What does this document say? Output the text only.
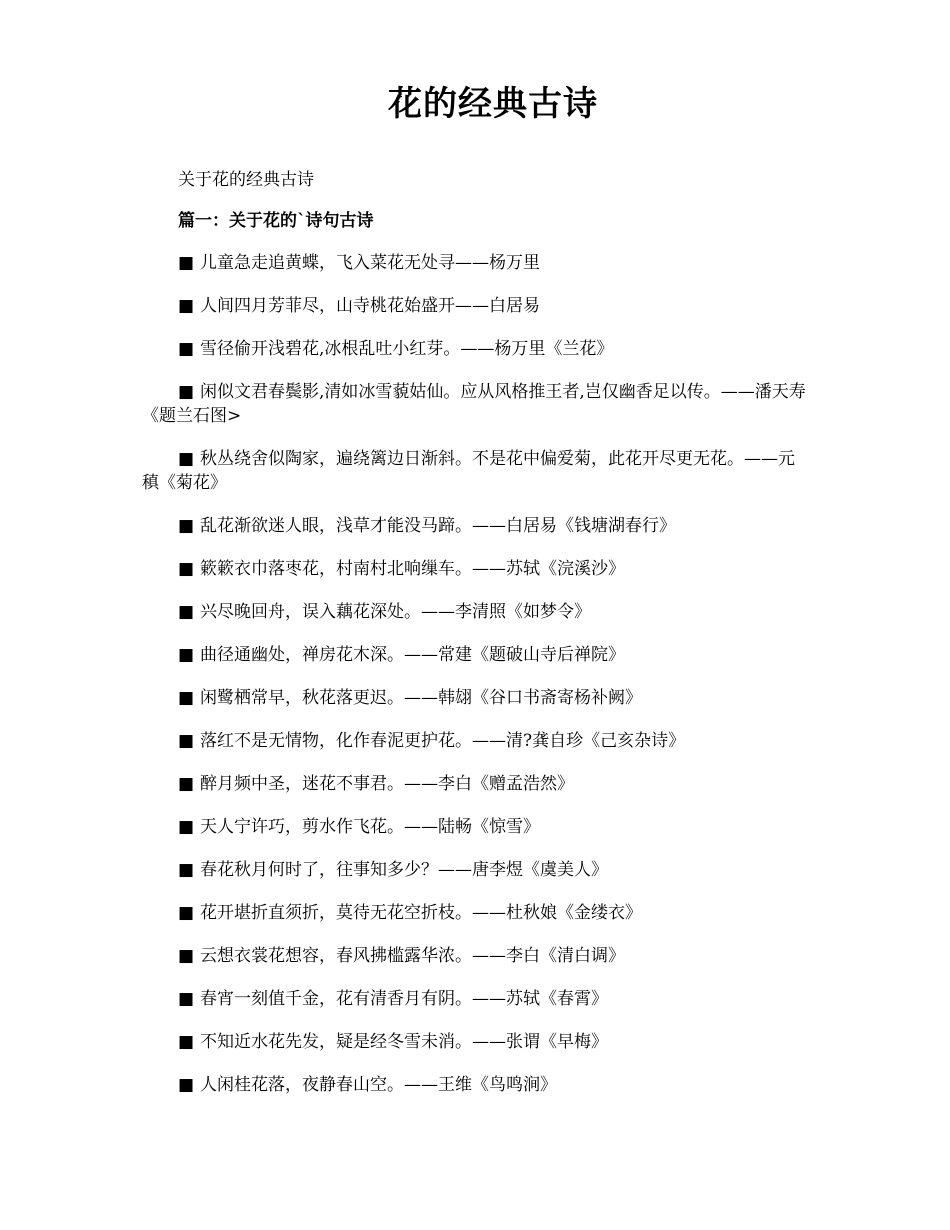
花的经典古诗

关于花的经典古诗

篇一：关于花的`诗句古诗

■ 儿童急走追黄蝶，飞入菜花无处寻——杨万里

■ 人间四月芳菲尽，山寺桃花始盛开——白居易

■ 雪径偷开浅碧花,冰根乱吐小红芽。——杨万里《兰花》

■ 闲似文君春鬓影,清如冰雪藐姑仙。应从风格推王者,岂仅幽香足以传。——潘天寿《题兰石图>

■ 秋丛绕舍似陶家，遍绕篱边日渐斜。不是花中偏爱菊，此花开尽更无花。——元稹《菊花》

■ 乱花渐欲迷人眼，浅草才能没马蹄。——白居易《钱塘湖春行》

■ 簌簌衣巾落枣花，村南村北响缫车。——苏轼《浣溪沙》

■ 兴尽晚回舟，误入藕花深处。——李清照《如梦令》

■ 曲径通幽处，禅房花木深。——常建《题破山寺后禅院》

■ 闲鹭栖常早，秋花落更迟。——韩翃《谷口书斋寄杨补阙》

■ 落红不是无情物，化作春泥更护花。——清?龚自珍《己亥杂诗》

■ 醉月频中圣，迷花不事君。——李白《赠孟浩然》

■ 天人宁许巧，剪水作飞花。——陆畅《惊雪》

■ 春花秋月何时了，往事知多少？——唐李煜《虞美人》

■ 花开堪折直须折，莫待无花空折枝。——杜秋娘《金缕衣》

■ 云想衣裳花想容，春风拂槛露华浓。——李白《清白调》

■ 春宵一刻值千金，花有清香月有阴。——苏轼《春霄》

■ 不知近水花先发，疑是经冬雪未消。——张谓《早梅》

■ 人闲桂花落，夜静春山空。——王维《鸟鸣涧》
